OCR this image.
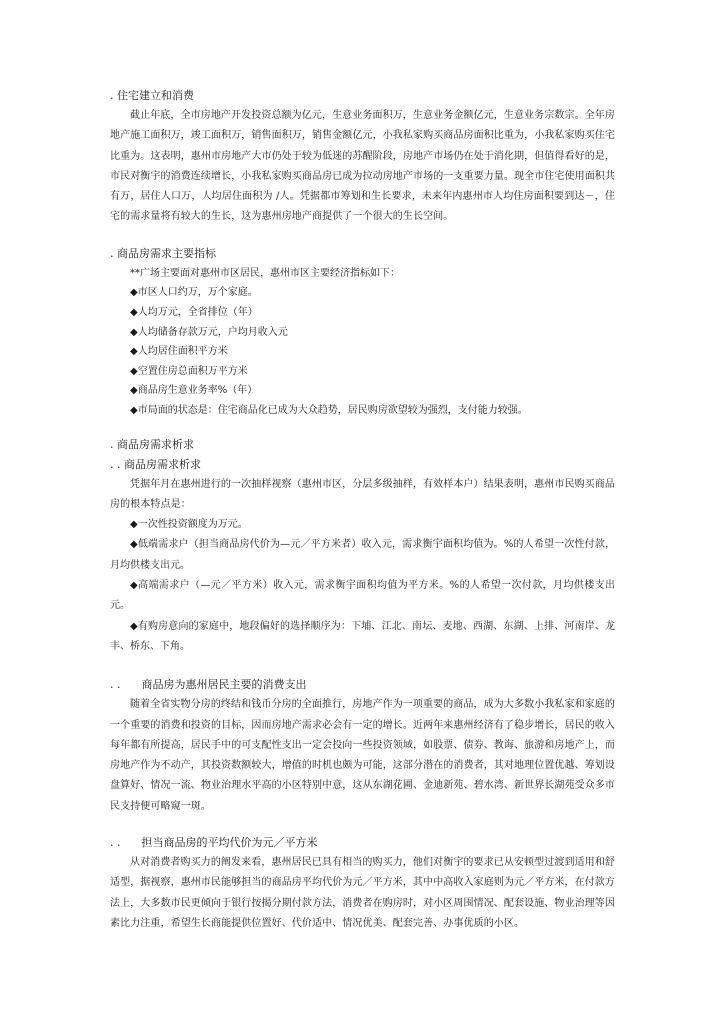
. 住宅建立和消费

截止年底，全市房地产开发投资总额为亿元，生意业务面积万，生意业务金额亿元，生意业务宗数宗。全年房地产施工面积万，竣工面积万，销售面积万，销售金额亿元，小我私家购买商品房面积比重为，小我私家购买住宅比重为。这表明，惠州市房地产大市仍处于较为低迷的苏醒阶段，房地产市场仍在处于消化期，但值得看好的是，市民对衡宇的消费连续增长，小我私家购买商品房已成为拉动房地产市场的一支重要力量。现全市住宅使用面积共有万，居住人口万，人均居住面积为 /人。凭据都市筹划和生长要求，未来年内惠州市人均住房面积要到达－，住宅的需求量将有较大的生长，这为惠州房地产商提供了一个很大的生长空间。

. 商品房需求主要指标

**广场主要面对惠州市区居民，惠州市区主要经济指标如下：

◆市区人口约万，万个家庭。

◆人均万元，全省排位（年）

◆人均储备存款万元，户均月收入元

◆人均居住面积平方米

◆空置住房总面积万平方米

◆商品房生意业务率%（年）

◆市局面的状态是：住宅商品化已成为大众趋势，居民购房欲望较为强烈，支付能力较强。

. 商品房需求析求

. . 商品房需求析求

凭据年月在惠州进行的一次抽样视察（惠州市区，分层多级抽样，有效样本户）结果表明，惠州市民购买商品房的根本特点是：

◆一次性投资额度为万元。

◆低端需求户（担当商品房代价为—元／平方米者）收入元，需求衡宇面积均值为。%的人希望一次性付款，月均供楼支出元。

◆高端需求户（—元／平方米）收入元，需求衡宇面积均值为平方米。%的人希望一次付款，月均供楼支出元。

◆有购房意向的家庭中，地段偏好的选择顺序为：下埔、江北、南坛、麦地、西湖、东湖、上排、河南岸、龙丰、桥东、下角。

. .      商品房为惠州居民主要的消费支出

随着全省实物分房的终结和钱币分房的全面推行，房地产作为一项重要的商品，成为大多数小我私家和家庭的一个重要的消费和投资的目标，因而房地产需求必会有一定的增长。近两年来惠州经济有了稳步增长，居民的收入每年都有所提高，居民手中的可支配性支出一定会投向一些投资领域，如股票、债券、教诲、旅游和房地产上，而房地产作为不动产，其投资数额较大，增值的时机也颇为可能，这部分潜在的消费者，其对地理位置优越、筹划设盘算好、情况一流、物业治理水平高的小区特别中意，这从东湖花圃、金迪新苑、碧水湾、新世界长湖苑受众多市民支持便可略窥一斑。

. .      担当商品房的平均代价为元／平方米

从对消费者购买力的阐发来看，惠州居民已具有相当的购买力，他们对衡宇的要求已从安顿型过渡到适用和舒适型，据视察，惠州市民能够担当的商品房平均代价为元／平方米，其中中高收入家庭则为元／平方米，在付款方法上，大多数市民更倾向于银行按揭分期付款方法，消费者在购房时，对小区周围情况、配套设施、物业治理等因素比力注重，希望生长商能提供位置好、代价适中、情况优美、配套完善、办事优质的小区。
